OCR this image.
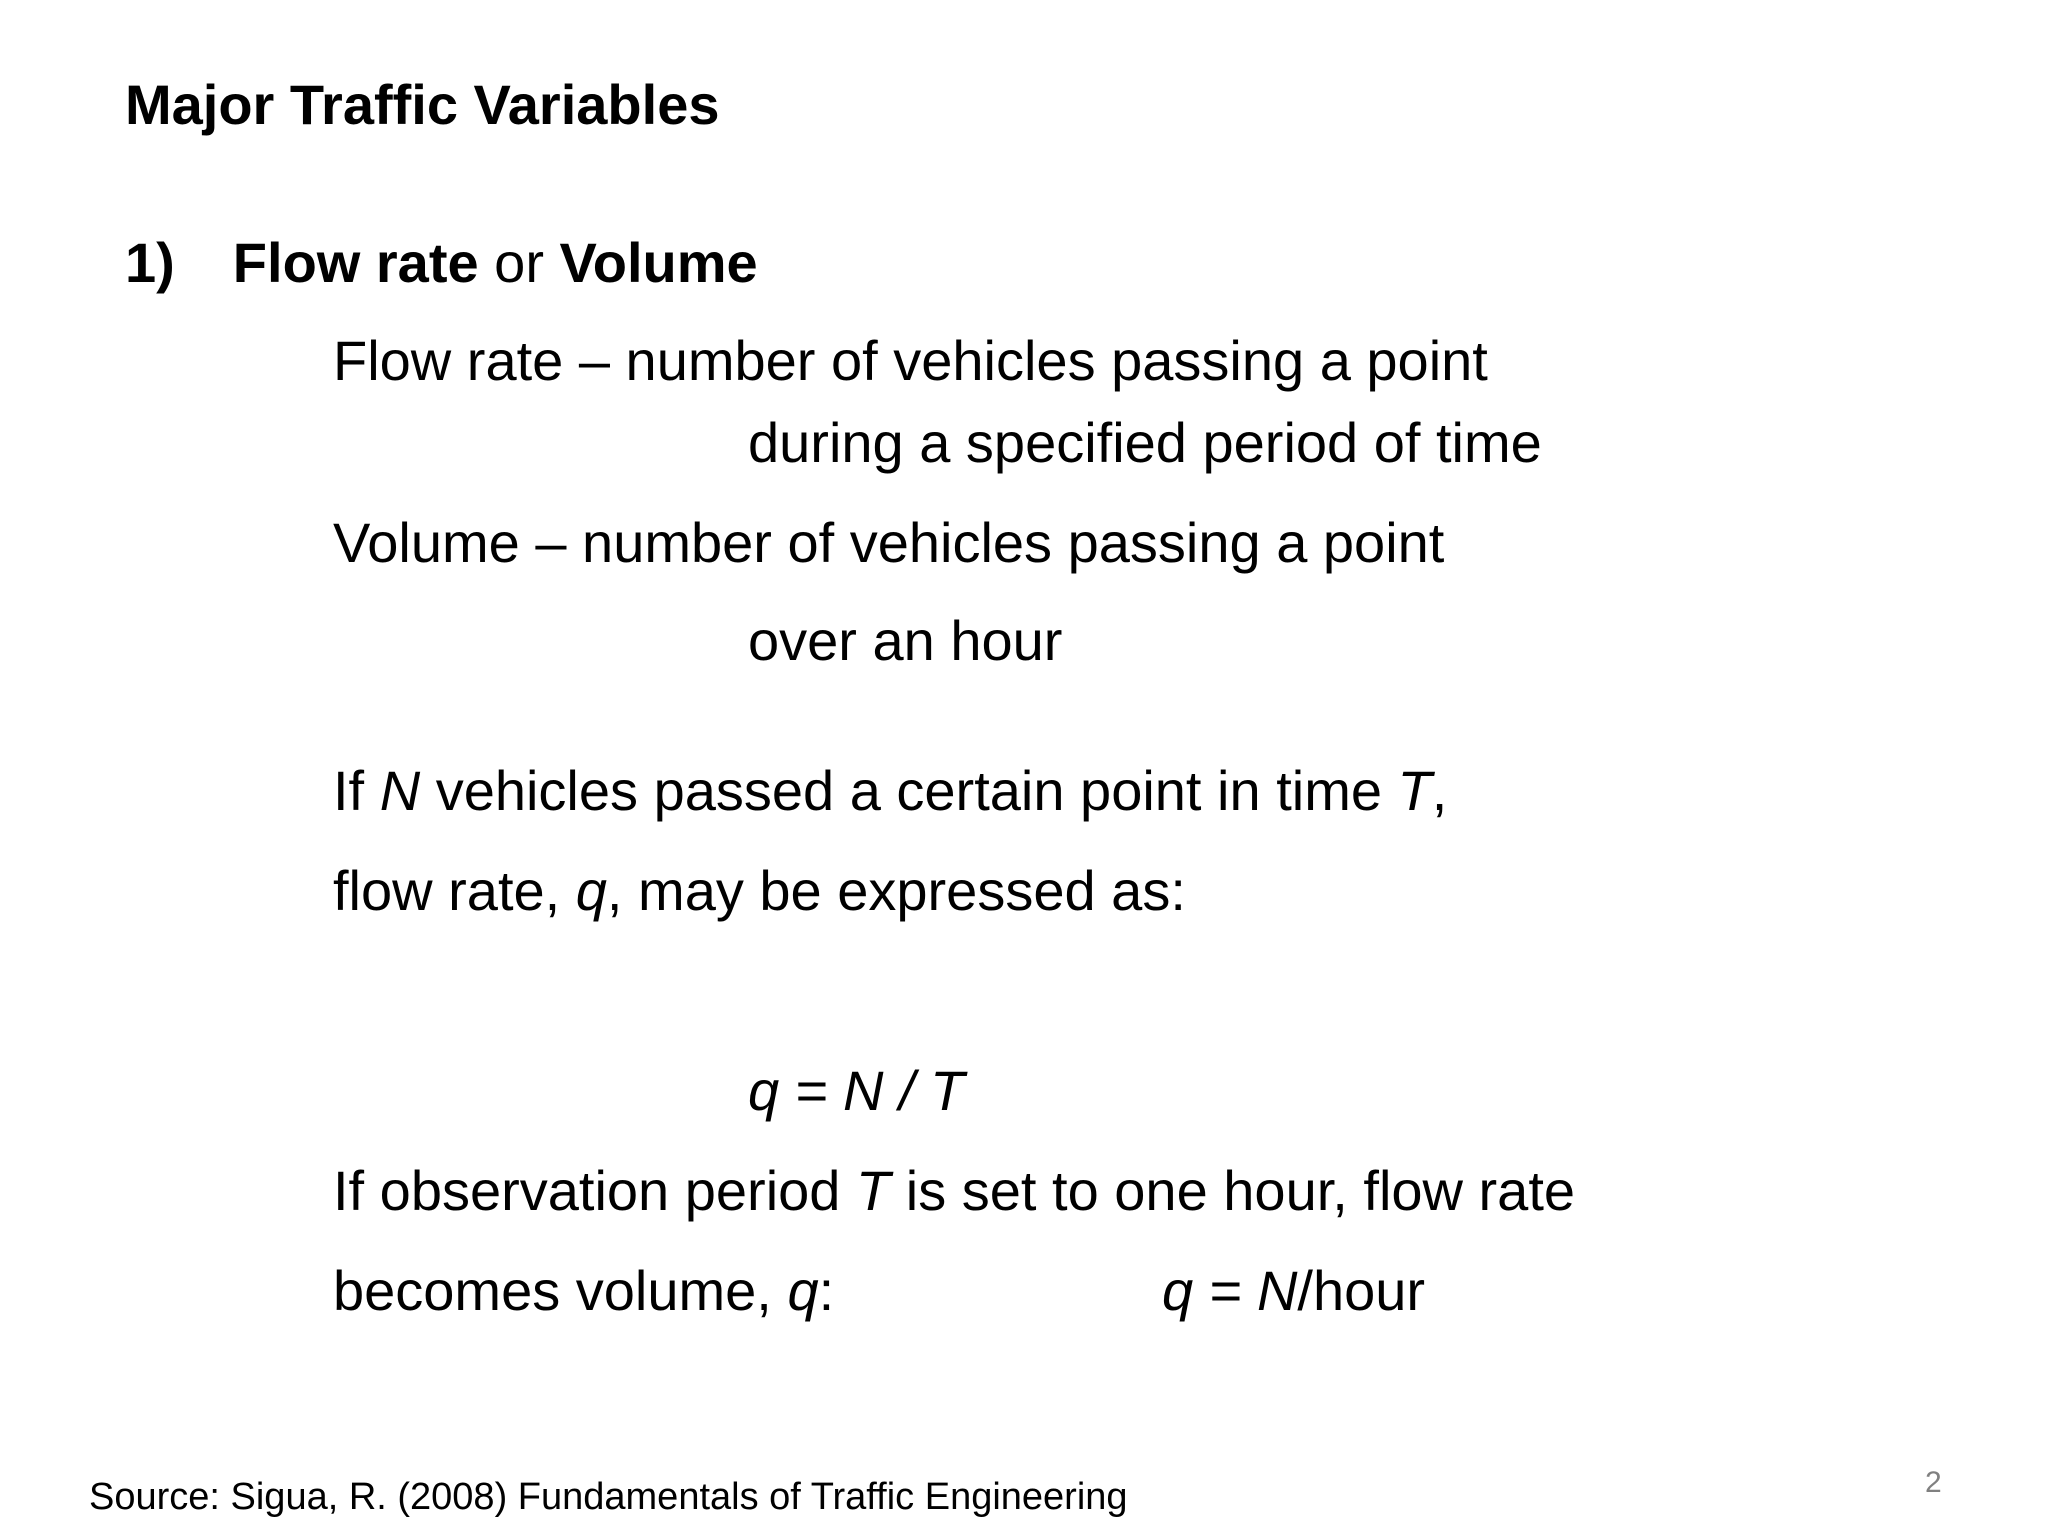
Major Traffic Variables
1) Flow rate or Volume
Flow rate – number of vehicles passing a point
during a specified period of time
Volume – number of vehicles passing a point
over an hour
If N vehicles passed a certain point in time T,
flow rate, q, may be expressed as:
q = N / T
If observation period T is set to one hour, flow rate
becomes volume, q:	q = N/hour
Source: Sigua, R. (2008) Fundamentals of Traffic Engineering	2
